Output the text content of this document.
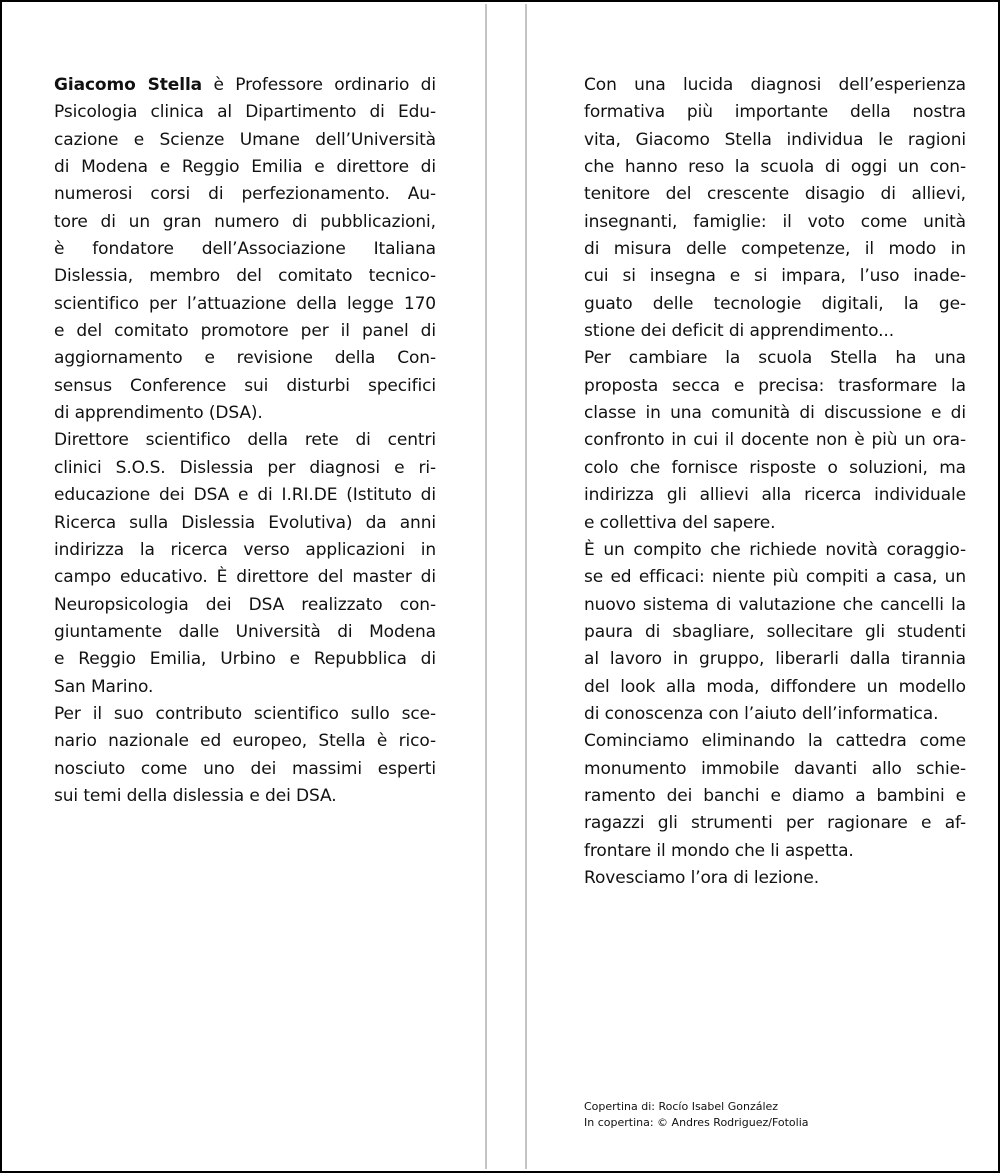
Giacomo Stella è Professore ordinario di
Psicologia clinica al Dipartimento di Edu-
cazione e Scienze Umane dell’Università
di Modena e Reggio Emilia e direttore di
numerosi corsi di perfezionamento. Au-
tore di un gran numero di pubblicazioni,
è fondatore dell’Associazione Italiana
Dislessia, membro del comitato tecnico-
scientifico per l’attuazione della legge 170
e del comitato promotore per il panel di
aggiornamento e revisione della Con-
sensus Conference sui disturbi specifici
di apprendimento (DSA).

Direttore scientifico della rete di centri
clinici S.O.S. Dislessia per diagnosi e ri-
educazione dei DSA e di I.RI.DE (Istituto di
Ricerca sulla Dislessia Evolutiva) da anni
indirizza la ricerca verso applicazioni in
campo educativo. È direttore del master di
Neuropsicologia dei DSA realizzato con-
giuntamente dalle Università di Modena
e Reggio Emilia, Urbino e Repubblica di
San Marino.

Per il suo contributo scientifico sullo sce-
nario nazionale ed europeo, Stella è rico-
nosciuto come uno dei massimi esperti
sui temi della dislessia e dei DSA.

Con una lucida diagnosi dell’esperienza
formativa più importante della nostra
vita, Giacomo Stella individua le ragioni
che hanno reso la scuola di oggi un con-
tenitore del crescente disagio di allievi,
insegnanti, famiglie: il voto come unità
di misura delle competenze, il modo in
cui si insegna e si impara, l’uso inade-
guato delle tecnologie digitali, la ge-
stione dei deficit di apprendimento...
Per cambiare la scuola Stella ha una
proposta secca e precisa: trasformare la
classe in una comunità di discussione e di
confronto in cui il docente non è più un ora-
colo che fornisce risposte o soluzioni, ma
indirizza gli allievi alla ricerca individuale
e collettiva del sapere.

È un compito che richiede novità coraggio-
se ed efficaci: niente più compiti a casa, un
nuovo sistema di valutazione che cancelli la
paura di sbagliare, sollecitare gli studenti
al lavoro in gruppo, liberarli dalla tirannia
del look alla moda, diffondere un modello
di conoscenza con l’aiuto dell’informatica.
Cominciamo eliminando la cattedra come
monumento immobile davanti allo schie-
ramento dei banchi e diamo a bambini e
ragazzi gli strumenti per ragionare e af-
frontare il mondo che li aspetta.

Rovesciamo l’ora di lezione.

Copertina di: Rocío Isabel González
In copertina: © Andres Rodriguez/Fotolia
